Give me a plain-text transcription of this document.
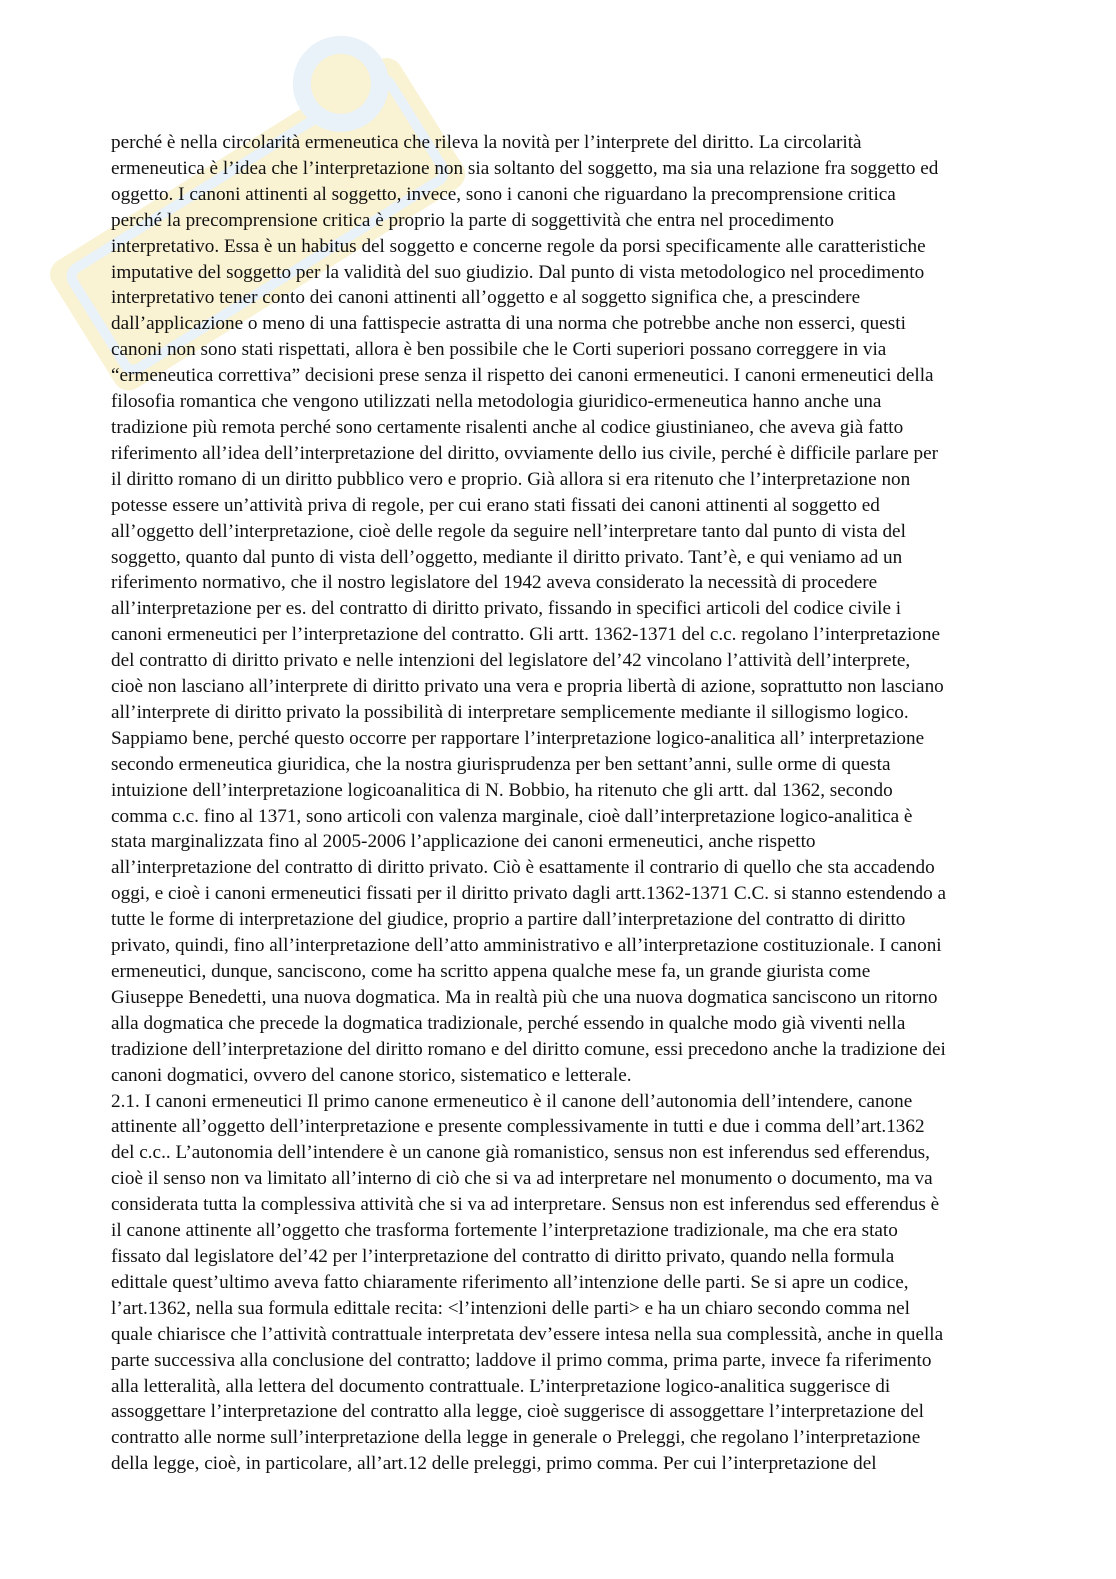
perché è nella circolarità ermeneutica che rileva la novità per l’interprete del diritto. La circolarità
ermeneutica è l’idea che l’interpretazione non sia soltanto del soggetto, ma sia una relazione fra soggetto ed
oggetto. I canoni attinenti al soggetto, invece, sono i canoni che riguardano la precomprensione critica
perché la precomprensione critica è proprio la parte di soggettività che entra nel procedimento
interpretativo. Essa è un habitus del soggetto e concerne regole da porsi specificamente alle caratteristiche
imputative del soggetto per la validità del suo giudizio. Dal punto di vista metodologico nel procedimento
interpretativo tener conto dei canoni attinenti all’oggetto e al soggetto significa che, a prescindere
dall’applicazione o meno di una fattispecie astratta di una norma che potrebbe anche non esserci, questi
canoni non sono stati rispettati, allora è ben possibile che le Corti superiori possano correggere in via
“ermeneutica correttiva” decisioni prese senza il rispetto dei canoni ermeneutici. I canoni ermeneutici della
filosofia romantica che vengono utilizzati nella metodologia giuridico-ermeneutica hanno anche una
tradizione più remota perché sono certamente risalenti anche al codice giustinianeo, che aveva già fatto
riferimento all’idea dell’interpretazione del diritto, ovviamente dello ius civile, perché è difficile parlare per
il diritto romano di un diritto pubblico vero e proprio. Già allora si era ritenuto che l’interpretazione non
potesse essere un’attività priva di regole, per cui erano stati fissati dei canoni attinenti al soggetto ed
all’oggetto dell’interpretazione, cioè delle regole da seguire nell’interpretare tanto dal punto di vista del
soggetto, quanto dal punto di vista dell’oggetto, mediante il diritto privato. Tant’è, e qui veniamo ad un
riferimento normativo, che il nostro legislatore del 1942 aveva considerato la necessità di procedere
all’interpretazione per es. del contratto di diritto privato, fissando in specifici articoli del codice civile i
canoni ermeneutici per l’interpretazione del contratto. Gli artt. 1362-1371 del c.c. regolano l’interpretazione
del contratto di diritto privato e nelle intenzioni del legislatore del’42 vincolano l’attività dell’interprete,
cioè non lasciano all’interprete di diritto privato una vera e propria libertà di azione, soprattutto non lasciano
all’interprete di diritto privato la possibilità di interpretare semplicemente mediante il sillogismo logico.
Sappiamo bene, perché questo occorre per rapportare l’interpretazione logico-analitica all’ interpretazione
secondo ermeneutica giuridica, che la nostra giurisprudenza per ben settant’anni, sulle orme di questa
intuizione dell’interpretazione logicoanalitica di N. Bobbio, ha ritenuto che gli artt. dal 1362, secondo
comma c.c. fino al 1371, sono articoli con valenza marginale, cioè dall’interpretazione logico-analitica è
stata marginalizzata fino al 2005-2006 l’applicazione dei canoni ermeneutici, anche rispetto
all’interpretazione del contratto di diritto privato. Ciò è esattamente il contrario di quello che sta accadendo
oggi, e cioè i canoni ermeneutici fissati per il diritto privato dagli artt.1362-1371 C.C. si stanno estendendo a
tutte le forme di interpretazione del giudice, proprio a partire dall’interpretazione del contratto di diritto
privato, quindi, fino all’interpretazione dell’atto amministrativo e all’interpretazione costituzionale. I canoni
ermeneutici, dunque, sanciscono, come ha scritto appena qualche mese fa, un grande giurista come
Giuseppe Benedetti, una nuova dogmatica. Ma in realtà più che una nuova dogmatica sanciscono un ritorno
alla dogmatica che precede la dogmatica tradizionale, perché essendo in qualche modo già viventi nella
tradizione dell’interpretazione del diritto romano e del diritto comune, essi precedono anche la tradizione dei
canoni dogmatici, ovvero del canone storico, sistematico e letterale.
2.1. I canoni ermeneutici Il primo canone ermeneutico è il canone dell’autonomia dell’intendere, canone
attinente all’oggetto dell’interpretazione e presente complessivamente in tutti e due i comma dell’art.1362
del c.c.. L’autonomia dell’intendere è un canone già romanistico, sensus non est inferendus sed efferendus,
cioè il senso non va limitato all’interno di ciò che si va ad interpretare nel monumento o documento, ma va
considerata tutta la complessiva attività che si va ad interpretare. Sensus non est inferendus sed efferendus è
il canone attinente all’oggetto che trasforma fortemente l’interpretazione tradizionale, ma che era stato
fissato dal legislatore del’42 per l’interpretazione del contratto di diritto privato, quando nella formula
edittale quest’ultimo aveva fatto chiaramente riferimento all’intenzione delle parti. Se si apre un codice,
l’art.1362, nella sua formula edittale recita: <l’intenzioni delle parti> e ha un chiaro secondo comma nel
quale chiarisce che l’attività contrattuale interpretata dev’essere intesa nella sua complessità, anche in quella
parte successiva alla conclusione del contratto; laddove il primo comma, prima parte, invece fa riferimento
alla letteralità, alla lettera del documento contrattuale. L’interpretazione logico-analitica suggerisce di
assoggettare l’interpretazione del contratto alla legge, cioè suggerisce di assoggettare l’interpretazione del
contratto alle norme sull’interpretazione della legge in generale o Preleggi, che regolano l’interpretazione
della legge, cioè, in particolare, all’art.12 delle preleggi, primo comma. Per cui l’interpretazione del
